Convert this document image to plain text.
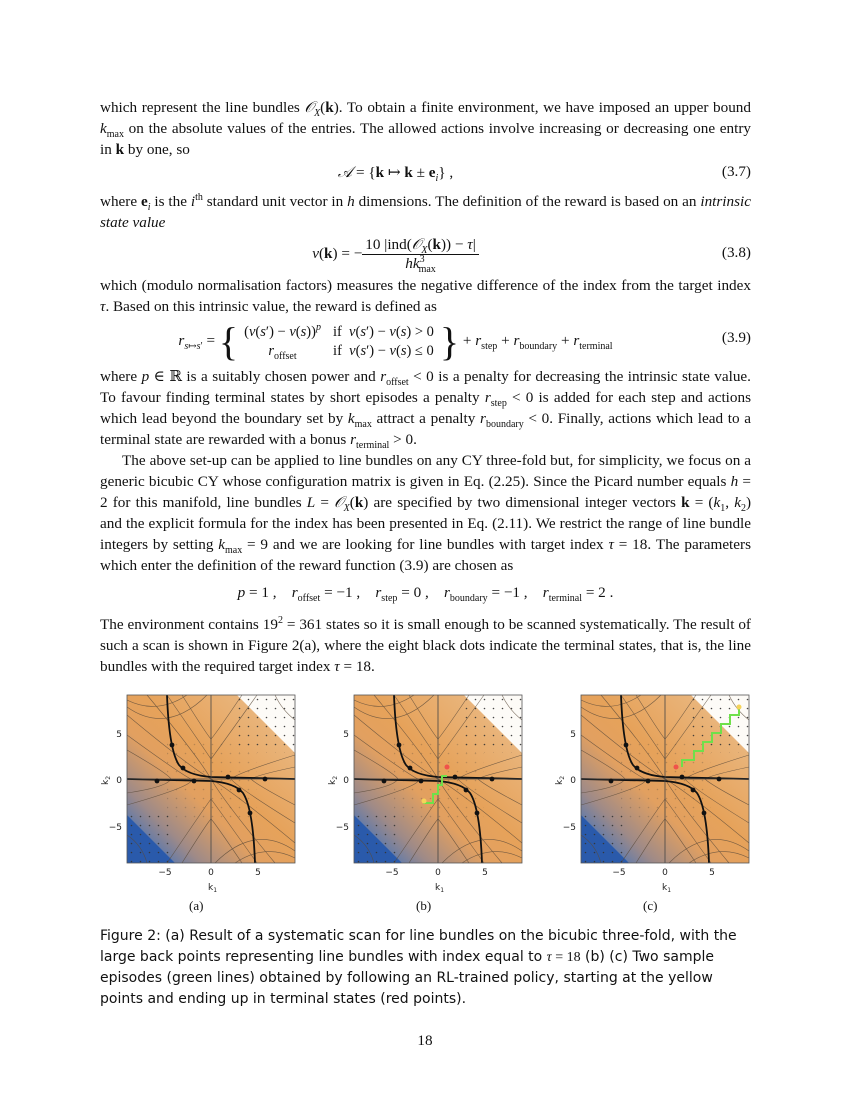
which represent the line bundles 𝒪$_X$(k). To obtain a finite environment, we have imposed an upper bound $k_{max}$ on the absolute values of the entries. The allowed actions involve increasing or decreasing one entry in k by one, so
𝒜 = {k ↦ $k \pm e_i$} ,	(3.7)
where $e_i$ is the $i^{th}$ standard unit vector in h dimensions. The definition of the reward is based on an intrinsic state value
v(k) = − $\frac{10 |ind(𝒪_X(k)) - \tau|}{hk^3_{max}}$	(3.8)
which (modulo normalisation factors) measures the negative difference of the index from the target index τ. Based on this intrinsic value, the reward is defined as
$r_{s↦s'}$ = { $(v(s') - v(s))^p$	if  v(s′) − v(s) > 0
$r_{offset}$	if  v(s′) − v(s) ≤ 0 } + $r_{step} + r_{boundary} + r_{terminal}$
(3.9)
where p ∈ ℝ is a suitably chosen power and $r_{offset} < 0$ is a penalty for decreasing the intrinsic state value. To favour finding terminal states by short episodes a penalty $r_{step} < 0$ is added for each step and actions which lead beyond the boundary set by $k_{max}$ attract a penalty $r_{boundary} < 0$. Finally, actions which lead to a terminal state are rewarded with a bonus $r_{terminal} > 0$.
The above set-up can be applied to line bundles on any CY three-fold but, for simplicity, we focus on a generic bicubic CY whose configuration matrix is given in Eq. (2.25). Since the Picard number equals h = 2 for this manifold, line bundles L = 𝒪$_X$(k) are specified by two dimensional integer vectors $k = (k_1$, $k_2$) and the explicit formula for the index has been presented in Eq. (2.11). We restrict the range of line bundle integers by setting $k_{max} = 9$ and we are looking for line bundles with target index τ = 18. The parameters which enter the definition of the reward function (3.9) are chosen as
p = 1 ,    $r_{offset} = -1$ ,    $r_{step} = 0$ ,    $r_{boundary} = -1$ ,    $r_{terminal} = 2$ .
The environment contains $19^2 = 361$ states so it is small enough to be scanned systematically. The result of such a scan is shown in Figure 2(a), where the eight black dots indicate the terminal states, that is, the line bundles with the required target index τ = 18.
−5	0	5
5
0
−5
$k_1$
$k_2$
−5	0	5
5
0
−5
$k_1$
$k_2$
−5	0	5
5
0
−5
$k_1$
$k_2$
(a)	(b)	(c)
Figure 2: (a) Result of a systematic scan for line bundles on the bicubic three-fold, with the large back points representing line bundles with index equal to τ = 18 (b) (c) Two sample episodes (green lines) obtained by following an RL-trained policy, starting at the yellow points and ending up in terminal states (red points).
18
